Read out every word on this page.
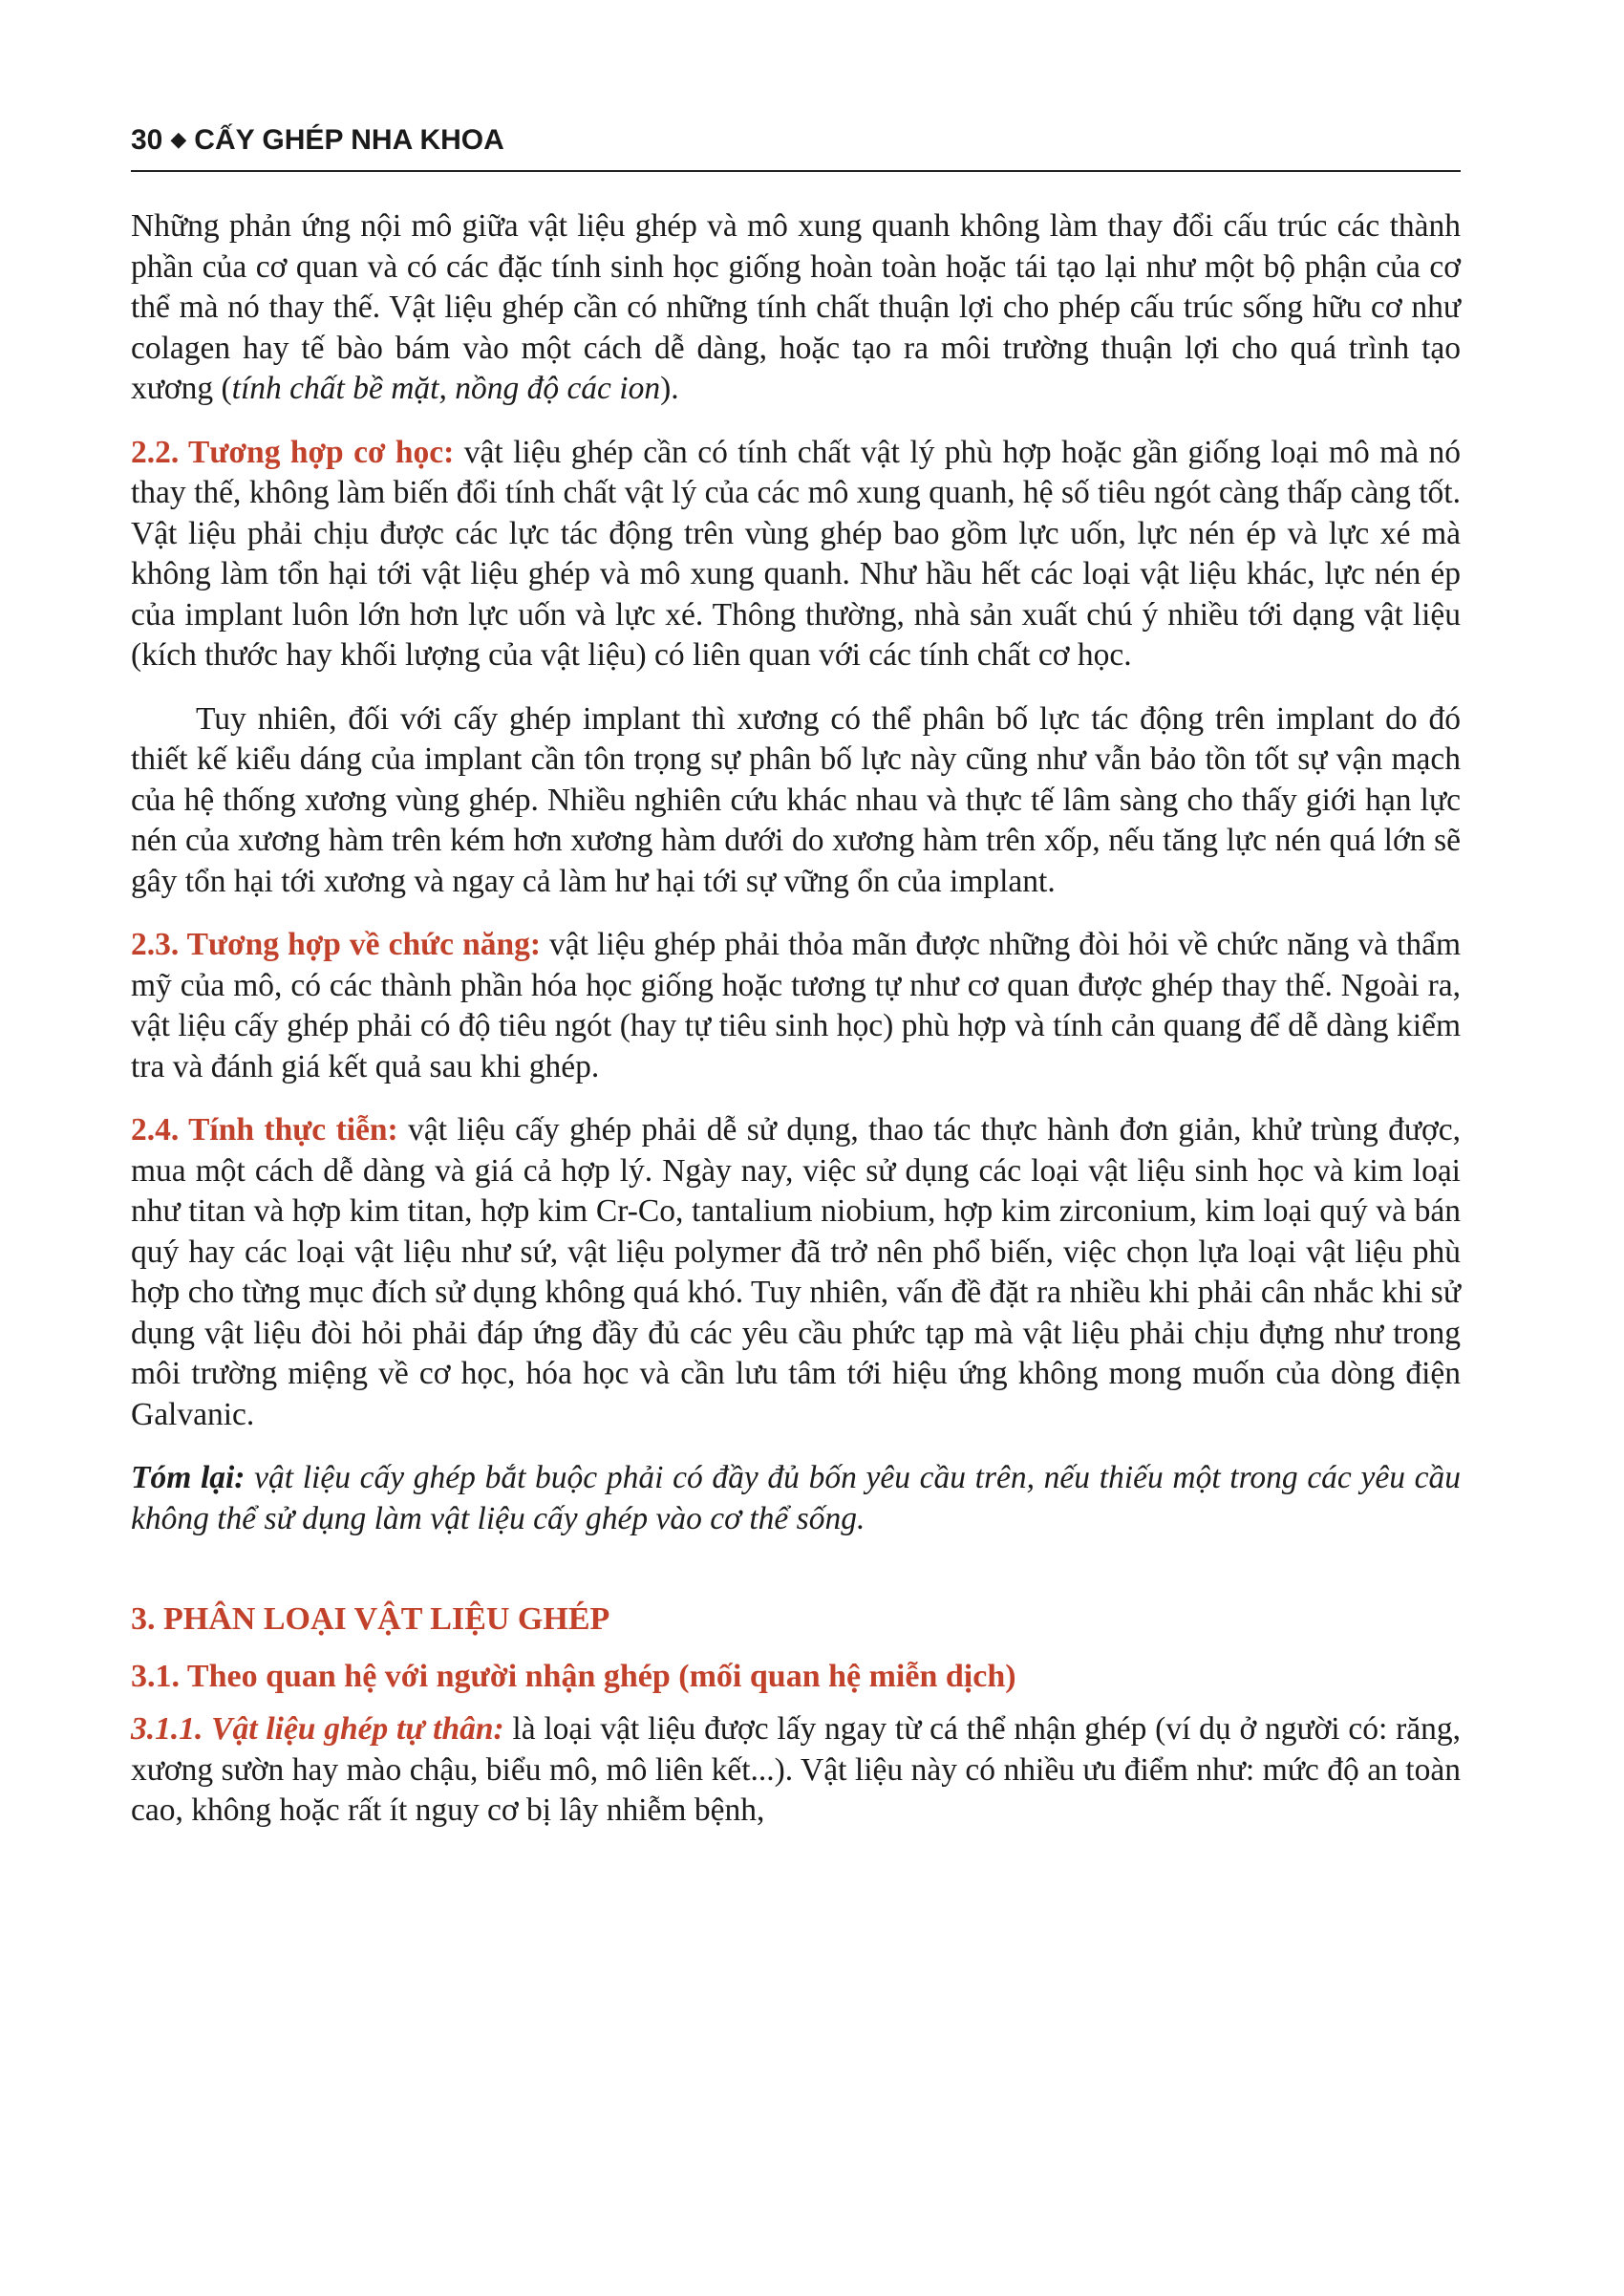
30 ◆ CẤY GHÉP NHA KHOA

Những phản ứng nội mô giữa vật liệu ghép và mô xung quanh không làm thay đổi cấu trúc các thành phần của cơ quan và có các đặc tính sinh học giống hoàn toàn hoặc tái tạo lại như một bộ phận của cơ thể mà nó thay thế. Vật liệu ghép cần có những tính chất thuận lợi cho phép cấu trúc sống hữu cơ như colagen hay tế bào bám vào một cách dễ dàng, hoặc tạo ra môi trường thuận lợi cho quá trình tạo xương (tính chất bề mặt, nồng độ các ion).

2.2. Tương hợp cơ học: vật liệu ghép cần có tính chất vật lý phù hợp hoặc gần giống loại mô mà nó thay thế, không làm biến đổi tính chất vật lý của các mô xung quanh, hệ số tiêu ngót càng thấp càng tốt. Vật liệu phải chịu được các lực tác động trên vùng ghép bao gồm lực uốn, lực nén ép và lực xé mà không làm tổn hại tới vật liệu ghép và mô xung quanh. Như hầu hết các loại vật liệu khác, lực nén ép của implant luôn lớn hơn lực uốn và lực xé. Thông thường, nhà sản xuất chú ý nhiều tới dạng vật liệu (kích thước hay khối lượng của vật liệu) có liên quan với các tính chất cơ học.

Tuy nhiên, đối với cấy ghép implant thì xương có thể phân bố lực tác động trên implant do đó thiết kế kiểu dáng của implant cần tôn trọng sự phân bố lực này cũng như vẫn bảo tồn tốt sự vận mạch của hệ thống xương vùng ghép. Nhiều nghiên cứu khác nhau và thực tế lâm sàng cho thấy giới hạn lực nén của xương hàm trên kém hơn xương hàm dưới do xương hàm trên xốp, nếu tăng lực nén quá lớn sẽ gây tổn hại tới xương và ngay cả làm hư hại tới sự vững ổn của implant.

2.3. Tương hợp về chức năng: vật liệu ghép phải thỏa mãn được những đòi hỏi về chức năng và thẩm mỹ của mô, có các thành phần hóa học giống hoặc tương tự như cơ quan được ghép thay thế. Ngoài ra, vật liệu cấy ghép phải có độ tiêu ngót (hay tự tiêu sinh học) phù hợp và tính cản quang để dễ dàng kiểm tra và đánh giá kết quả sau khi ghép.

2.4. Tính thực tiễn: vật liệu cấy ghép phải dễ sử dụng, thao tác thực hành đơn giản, khử trùng được, mua một cách dễ dàng và giá cả hợp lý. Ngày nay, việc sử dụng các loại vật liệu sinh học và kim loại như titan và hợp kim titan, hợp kim Cr-Co, tantalium niobium, hợp kim zirconium, kim loại quý và bán quý hay các loại vật liệu như sứ, vật liệu polymer đã trở nên phổ biến, việc chọn lựa loại vật liệu phù hợp cho từng mục đích sử dụng không quá khó. Tuy nhiên, vấn đề đặt ra nhiều khi phải cân nhắc khi sử dụng vật liệu đòi hỏi phải đáp ứng đầy đủ các yêu cầu phức tạp mà vật liệu phải chịu đựng như trong môi trường miệng về cơ học, hóa học và cần lưu tâm tới hiệu ứng không mong muốn của dòng điện Galvanic.

Tóm lại: vật liệu cấy ghép bắt buộc phải có đầy đủ bốn yêu cầu trên, nếu thiếu một trong các yêu cầu không thể sử dụng làm vật liệu cấy ghép vào cơ thể sống.

3. PHÂN LOẠI VẬT LIỆU GHÉP
3.1. Theo quan hệ với người nhận ghép (mối quan hệ miễn dịch)

3.1.1. Vật liệu ghép tự thân: là loại vật liệu được lấy ngay từ cá thể nhận ghép (ví dụ ở người có: răng, xương sườn hay mào chậu, biểu mô, mô liên kết...). Vật liệu này có nhiều ưu điểm như: mức độ an toàn cao, không hoặc rất ít nguy cơ bị lây nhiễm bệnh,
